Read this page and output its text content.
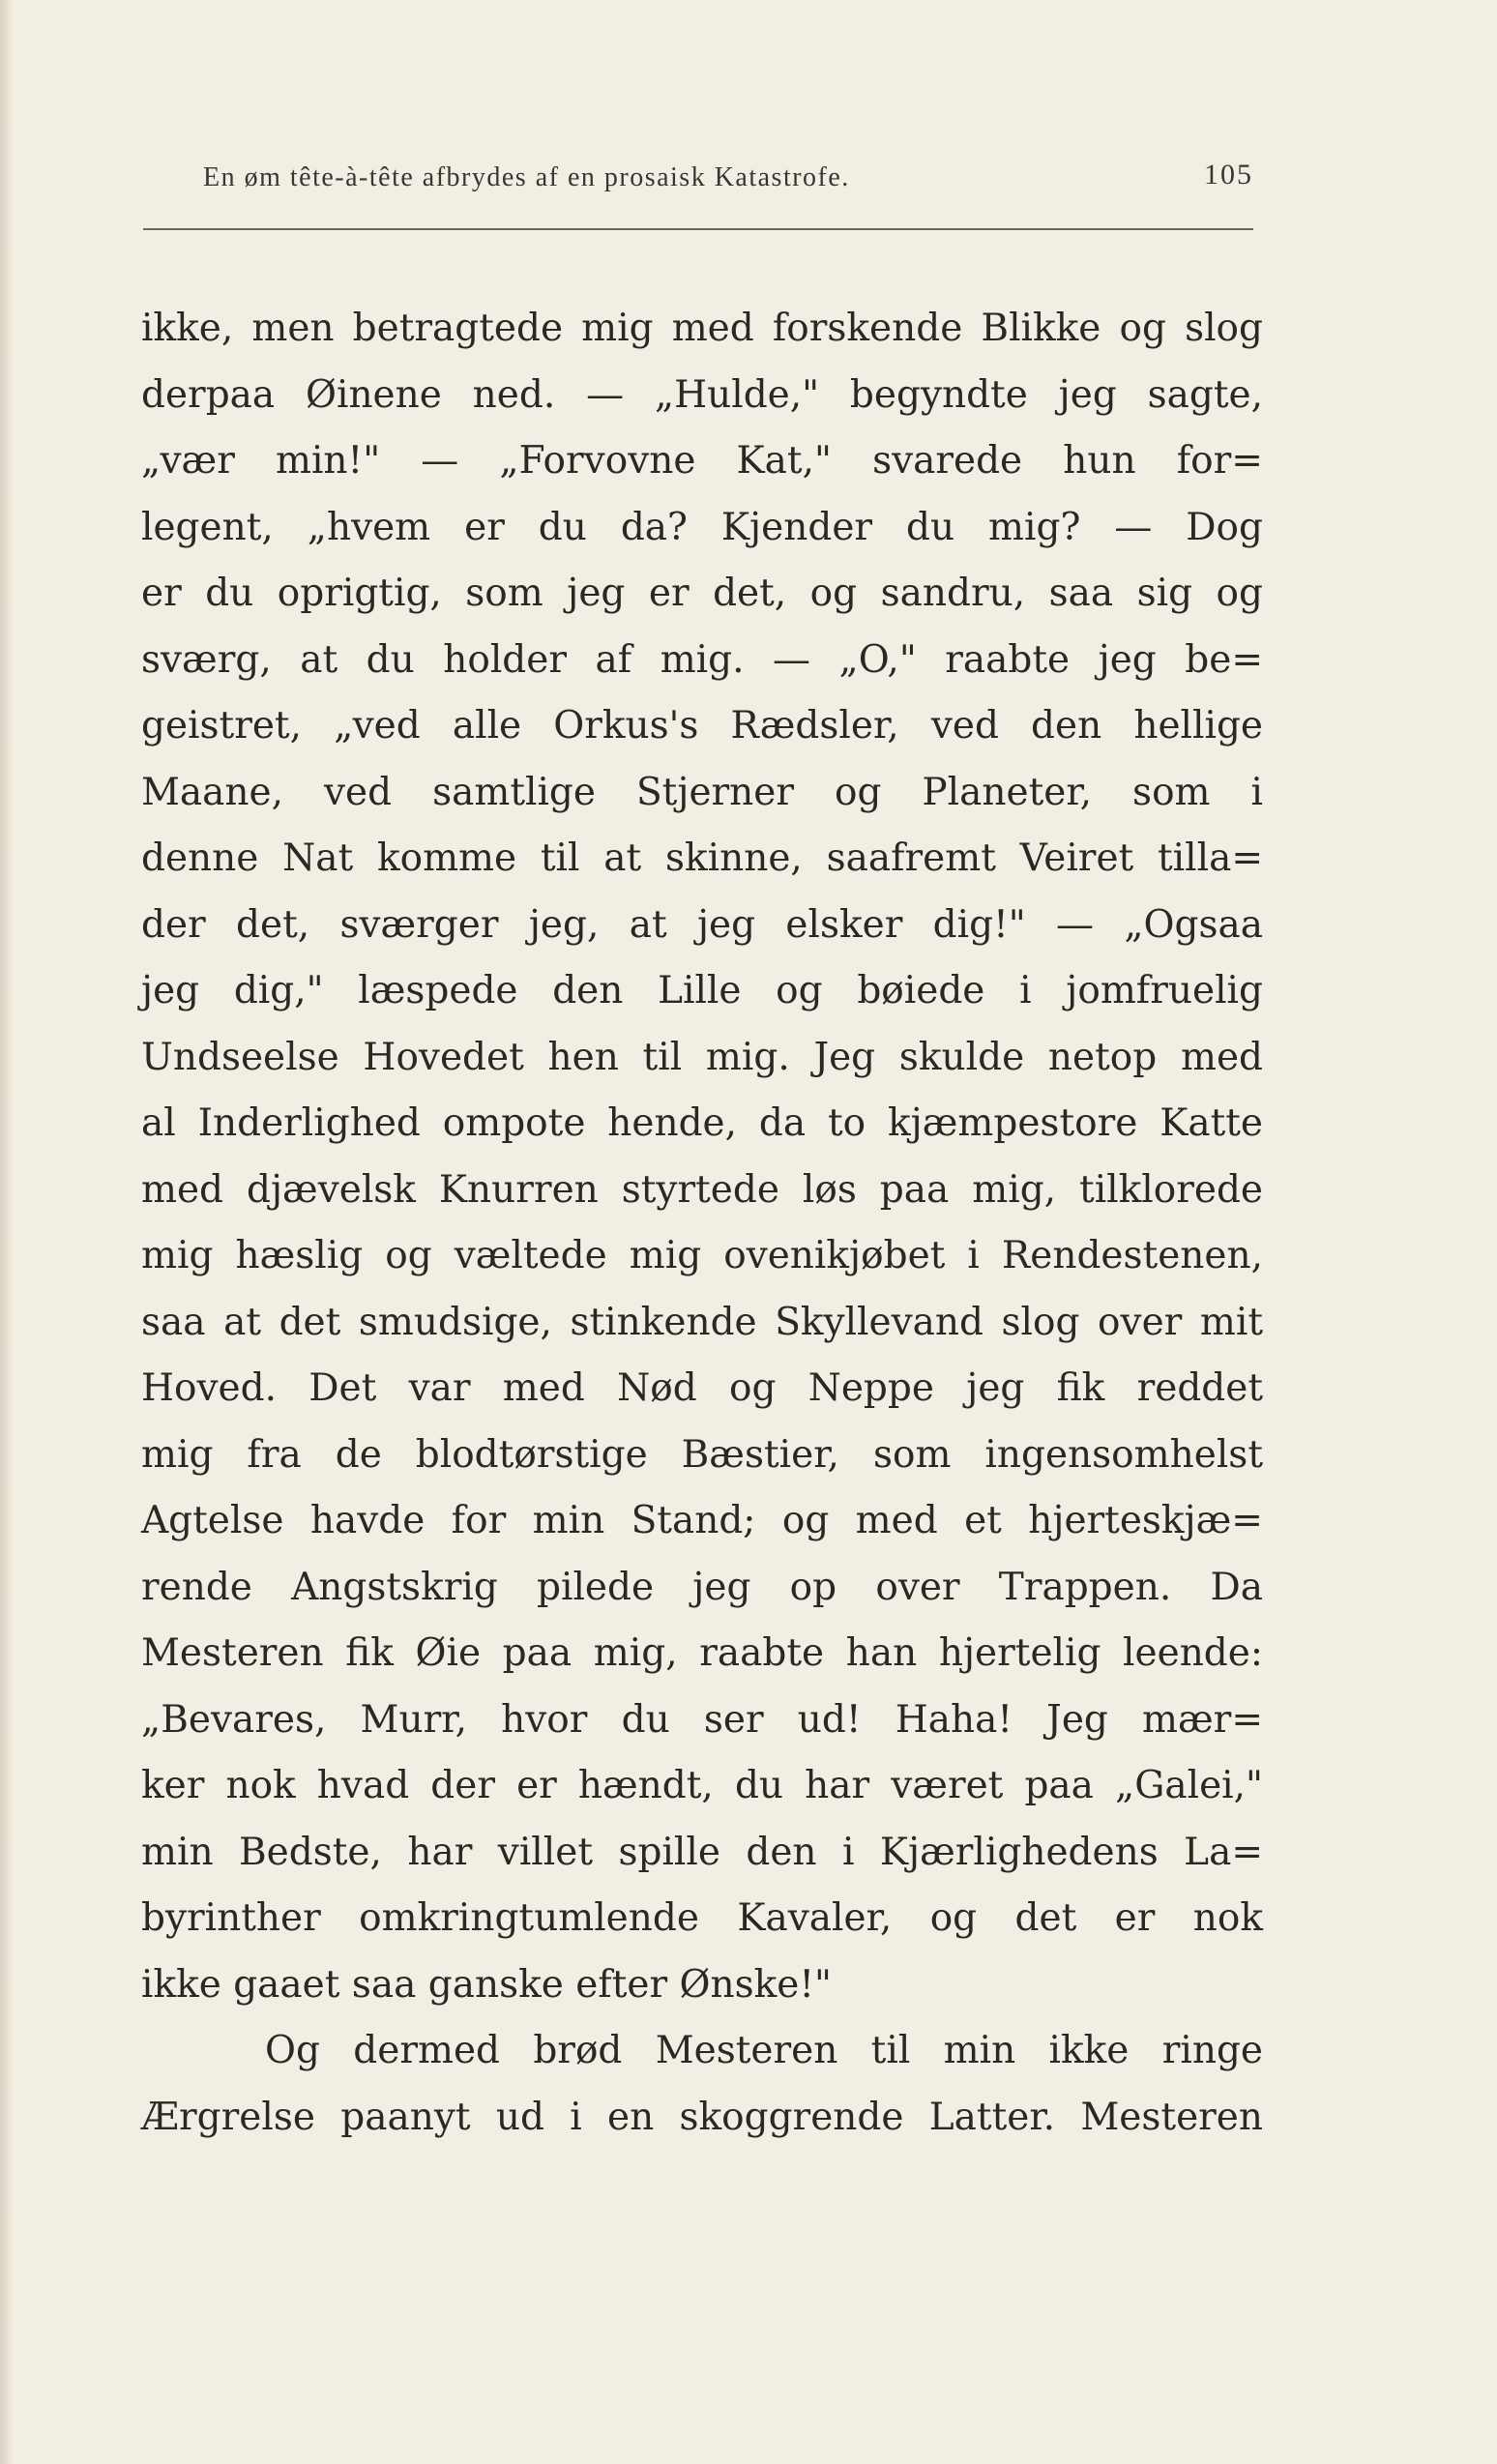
En øm tête-à-tête afbrydes af en prosaisk Katastrofe.	105
ikke, men betragtede mig med forskende Blikke og slog
derpaa Øinene ned. — „Hulde," begyndte jeg sagte,
„vær min!" — „Forvovne Kat," svarede hun for=
legent, „hvem er du da? Kjender du mig? — Dog
er du oprigtig, som jeg er det, og sandru, saa sig og
sværg, at du holder af mig. — „O," raabte jeg be=
geistret, „ved alle Orkus's Rædsler, ved den hellige
Maane, ved samtlige Stjerner og Planeter, som i
denne Nat komme til at skinne, saafremt Veiret tilla=
der det, sværger jeg, at jeg elsker dig!" — „Ogsaa
jeg dig," læspede den Lille og bøiede i jomfruelig
Undseelse Hovedet hen til mig. Jeg skulde netop med
al Inderlighed ompote hende, da to kjæmpestore Katte
med djævelsk Knurren styrtede løs paa mig, tilklorede
mig hæslig og væltede mig ovenikjøbet i Rendestenen,
saa at det smudsige, stinkende Skyllevand slog over mit
Hoved. Det var med Nød og Neppe jeg fik reddet
mig fra de blodtørstige Bæstier, som ingensomhelst
Agtelse havde for min Stand; og med et hjerteskjæ=
rende Angstskrig pilede jeg op over Trappen. Da
Mesteren fik Øie paa mig, raabte han hjertelig leende:
„Bevares, Murr, hvor du ser ud! Haha! Jeg mær=
ker nok hvad der er hændt, du har været paa „Galei,"
min Bedste, har villet spille den i Kjærlighedens La=
byrinther omkringtumlende Kavaler, og det er nok
ikke gaaet saa ganske efter Ønske!"
Og dermed brød Mesteren til min ikke ringe
Ærgrelse paanyt ud i en skoggrende Latter. Mesteren
